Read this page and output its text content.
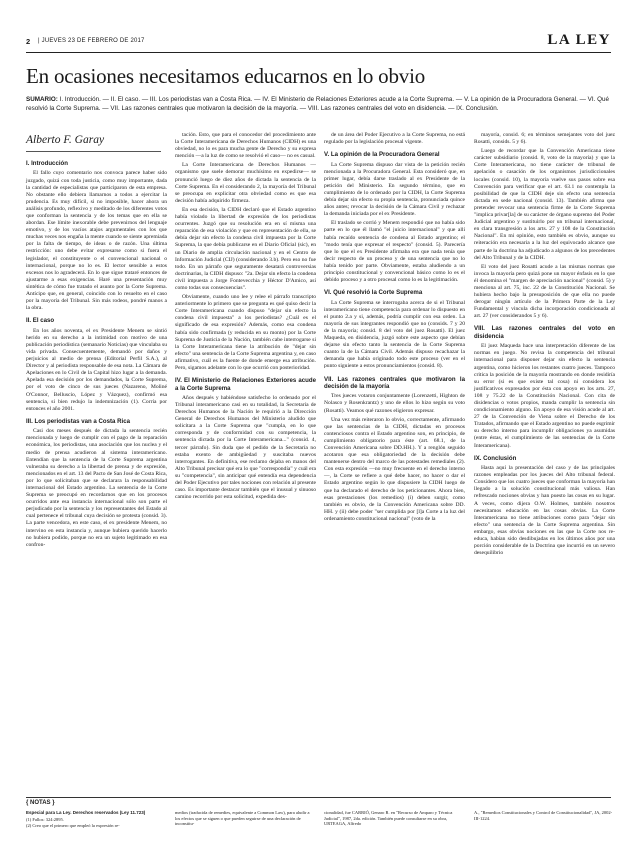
2 | JUEVES 23 DE FEBRERO DE 2017	LA LEY
En ocasiones necesitamos educarnos en lo obvio
SUMARIO: I. Introducción. — II. El caso. — III. Los periodistas van a Costa Rica. — IV. El Ministerio de Relaciones Exteriores acude a la Corte Suprema. — V. La opinión de la Procuradora General. — VI. Qué resolvió la Corte Suprema. — VII. Las razones centrales que motivaron la decisión de la mayoría. — VIII. Las razones centrales del voto en disidencia. — IX. Conclusión.
Alberto F. Garay
I. Introducción

El fallo cuyo comentario nos convoca parece haber sido juzgado, quizá con toda justicia, como muy importante, dada la cantidad de especialistas que participaron de esta empresa. No obstante ello debiera llamarnos a todos a ejercitar la prudencia. Es muy difícil, si no imposible, hacer ahora un análisis profundo, reflexivo y meditado de los diferentes votos que conforman la sentencia y de los temas que en ella se abordan. Ese límite inexorable debe prevenirnos del lenguaje emotivo, y de los vacíos atajos argumentales con los que muchas veces nos engaña la mente cuando se siente apremiada por la falta de tiempo, de ideas o de razón. Una última restricción: uno debe evitar expresarse como si fuera el legislador, el constituyente o el convencional nacional o internacional, porque no lo es. El lector sensible a estos excesos nos lo agradecerá. En lo que sigue trataré entonces de ajustarme a esas exigencias. Haré una presentación muy sintética de cómo fue tratado el asunto por la Corte Suprema. Antícipo que, en general, coincido con lo resuelto en el caso por la mayoría del Tribunal. Sin más rodeos, pondré manos a la obra.

II. El caso

En los años noventa, el ex Presidente Menem se sintió herido en su derecho a la intimidad con motivo de una publicación periodística (semanario Noticias) que vinculaba su vida privada. Consecuentemente, demandó por daños y perjuicios al medio de prensa (Editorial Perfil S.A.), al Director y al periodista responsable de esa nota. La Cámara de Apelaciones en lo Civil de la Capital hizo lugar a la demanda. Apelada esa decisión por los demandados, la Corte Suprema, por el voto de cinco de sus jueces (Nazareno, Moliné O'Connor, Belluscio, López y Vázquez), confirmó esa sentencia, si bien redujo la indemnización (1). Corría por entonces el año 2001.

III. Los periodistas van a Costa Rica

Casi dos meses después de dictada la sentencia recién mencionada y luego de cumplir con el pago de la reparación económica, los periodistas, una asociación que los nuclea y el medio de prensa acudieron al sistema interamericano. Entendían que la sentencia de la Corte Suprema argentina vulneraba su derecho a la libertad de prensa y de expresión, mencionados en el art. 13 del Pacto de San José de Costa Rica, por lo que solicitaban que se declarara la responsabilidad internacional del Estado argentino. La sentencia de la Corte Suprema se preocupó en recordarnos que en los procesos ocurridos ante esa instancia internacional sólo son parte el perjudicado por la sentencia y los representantes del Estado al cual pertenece el tribunal cuya decisión se protesta (consid. 3). La parte vencedora, en este caso, el ex presidente Menem, no intervino en esta instancia y, aunque hubiera querido hacerlo no hubiera podido, porque no era un sujeto legitimado en esa confron-

tación. Esto, que para el conocedor del procedimiento ante la Corte Interamericana de Derechos Humanos (CIDH) es una obviedad, no lo es para mucha gente de Derecho y su expresa mención —a la luz de como se resolvió el caso— no es casual.

La Corte Interamericana de Derechos Humanos —organismo que suele demorar muchísimo en expedirse— se pronunció luego de diez años de dictada la sentencia de la Corte Suprema. En el considerando 2, la mayoría del Tribunal se preocupa en explicitar otra obviedad como es que esa decisión había adquirido firmeza.

En esa decisión, la CIDH declaró que el Estado argentino había violado la libertad de expresión de los periodistas ocurrentes. Juzgó que su resolución era en sí misma una reparación de esa violación y que en representación de ella, se debía dejar sin efecto la condena civil impuesta por la Corte Suprema, la que debía publicarse en el Diario Oficial (sic), en un Diario de amplia circulación nacional y en el Centro de Información Judicial (CIJ) (considerando 3.b). Pero eso no fue todo. En un párrafo que seguramente desatará controversias doctrinarias, la CIDH dispuso: "2a. Dejar sin efecto la condena civil impuesta a Jorge Fontevecchia y Héctor D'Amico, así como todas sus consecuencias".

Obviamente, cuando uno lee y relee el párrafo transcripto anteriormente lo primero que se pregunta es qué quiso decir la Corte Interamericana cuando dispuso "dejar sin efecto la condena civil impuesta" a los periodistas? ¿Cuál es el significado de esa expresión? Además, como esa condena había sido confirmada (y reducida en su monto) por la Corte Suprema de Justicia de la Nación, también cabe interrogarse si la Corte Interamericana tiene la atribución de "dejar sin efecto" una sentencia de la Corte Suprema argentina y, en caso afirmativo, cuál es la fuente de donde emerge esa atribución. Pero, sigamos adelante con lo que ocurrió con posterioridad.

IV. El Ministerio de Relaciones Exteriores acude a la Corte Suprema

Años después y habiéndose satisfecho lo ordenado por el Tribunal interamericano casi en su totalidad, la Secretaría de Derechos Humanos de la Nación le requirió a la Dirección General de Derechos Humanos del Ministerio aludido que solicitara a la Corte Suprema que "cumpla, en lo que corresponda y de conformidad con su competencia, la sentencia dictada por la Corte Interamericana..." (consid. 4, tercer párrafo). Sin duda que el pedido de la Secretaría no estaba exento de ambigüedad y suscitaba nuevos interrogantes. En definitiva, ese reclamo dejaba en manos del Alto Tribunal precisar qué era lo que "correspondía" y cuál era su "competencia", sin anticipar qué entendía esa dependencia del Poder Ejecutivo por tales nociones con relación al presente caso. Es importante destacar también que el inusual y sinuoso camino recorrido por esta solicitud, expedida des-

de un área del Poder Ejecutivo a la Corte Suprema, no está regulado por la legislación procesal vigente.

V. La opinión de la Procuradora General

La Corte Suprema dispuso dar vista de la petición recién mencionada a la Procuradora General. Esta consideró que, en primer lugar, debía darse traslado al ex Presidente de la petición del Ministerio. En segundo término, que en cumplimiento de lo ordenado por la CIDH, la Corte Suprema debía dejar sin efecto su propia sentencia, pronunciada quince años antes; revocar la decisión de la Cámara Civil y rechazar la demanda iniciada por el ex Presidente.

El traslado se corrió y Menem respondió que no había sido parte en lo que él llamó "el juicio internacional" y que allí había recaído sentencia de condena al Estado argentino; el "modo tenía que expresar el respecto" (consid. 5). Parecería que lo que el ex Presidente afirmaba era que nada tenía que decir respecto de un proceso y de una sentencia que no lo había tenido por parte. Obviamente, estaba aludiendo a un principio constitucional y convencional básico como lo es el debido proceso y a otro procesal como lo es la legitimación.

VI. Qué resolvió la Corte Suprema

La Corte Suprema se interrogaba acerca de si el Tribunal interamericano tiene competencia para ordenar lo dispuesto en el punto 2.a y si, además, podría cumplir con esa orden. La mayoría de sus integrantes respondió que no (consids. 7 y 20 de la mayoría; consid. 8 del voto del juez Rosatti). El juez Maqueda, en disidencia, juzgó sobre este aspecto que debían dejarse sin efecto tanto la sentencia de la Corte Suprema cuanto la de la Cámara Civil. Además dispuso recachazar la demanda que había originado todo este proceso (ver en el punto siguiente a estos pronunciamientos (consid. 8).

VII. Las razones centrales que motivaron la decisión de la mayoría

Tres jueces votaron conjuntamente (Lorenzetti, Highton de Nolasco y Rosenkrantz) y uno de ellos lo hizo según su voto (Rosatti). Veamos qué razones eligieron expresar.

Una vez más reiteraron lo obvio, correctamente, afirmando que las sentencias de la CIDH, dictadas en procesos contenciosos contra el Estado argentino son, en principio, de cumplimiento obligatorio para éste (art. 68.1, de la Convención Americana sobre DD.HH.). Y a renglón seguido acotaron que esa obligatoriedad de la decisión debe mantenerse dentro del marco de las potestades remediales (2). Con esta expresión —no muy frecuente en el derecho interno—, la Corte se refiere a qué debe hacer, no hacer o dar el Estado argentino según lo que dispusiere la CIDH luego de que ha declarado el derecho de los peticionantes. Ahora bien, esas prestaciones (los remedios) (i) deben surgir, como también es obvio, de la Convención Americana sobre DD. HH. y (ii) debe poder "ser cumplida por [l]a Corte a la luz del ordenamiento constitucional nacional" (voto de la

mayoría, consid. 6; en términos semejantes voto del juez Rosatti, consids. 5 y 6).

Luego de recordar que la Convención Americana tiene carácter subsidiario (consid. 8, voto de la mayoría) y que la Corte Interamericana, no tiene carácter de tribunal de apelación o casación de los organismos jurisdiccionales locales (consid. 10), la mayoría vuelve sus pasos sobre esa Convención para verificar que el art. 63.1 no contempla la posibilidad de que la CIDH deje sin efecto una sentencia dictada en sede nacional (consid. 13). También afirma que pretender revocar una sentencia firme de la Corte Suprema "implica privar[la] de su carácter de órgano supremo del Poder Judicial argentino y sustituirlo por un tribunal internacional, en clara transgresión a los arts. 27 y 108 de la Constitución Nacional". En mi opinión, esto también es obvio, aunque su reiteración era necesaria a la luz del equivocado alcance que parte de la doctrina ha adjudicado a algunos de los precedentes del Alto Tribunal y de la CIDH.

El voto del juez Rosatti acude a las mismas normas que invoca la mayoría pero quizá pone un mayor énfasis en lo que él denomina el "margen de apreciación nacional" (consid. 5) y menciona al art. 75, inc. 22 de la Constitución Nacional. Se hubiera hecho bajo la presuposición de que ella no puede derogar ningún artículo de la Primera Parte de la Ley Fundamental y vincula dicha incorporación condicionada al art. 27 (ver considerandos 5 y 6).

VIII. Las razones centrales del voto en disidencia

El juez Maqueda hace una interpretación diferente de las normas en juego. No revisa la competencia del tribunal internacional para disponer dejar sin efecto la sentencia argentina, como hicieron los restantes cuatro jueces. Tampoco critica la posición de la mayoría mostrando en donde residiría su error (si es que existe tal cosa) ni considera los justificativos expresados por ésta con apoyo en los arts. 27, 108 y 75.22 de la Constitución Nacional. Con cita de disidencias o votos propios, manda cumplir la sentencia sin condicionamiento alguno. En apoyo de esa visión acude al art. 27 de la Convención de Viena sobre el Derecho de los Tratados, afirmando que el Estado argentino no puede esgrimir su derecho interno para incumplir obligaciones ya asumidas (entre éstas, el cumplimiento de las sentencias de la Corte Interamericana).

IX. Conclusión

Hasta aquí la presentación del caso y de las principales razones empleadas por los jueces del Alto tribunal federal. Considero que los cuatro jueces que conforman la mayoría han llegado a la solución constitucional más valiosa. Han refrescado nociones obvias y han puesto las cosas en su lugar. A veces, como dijera O.W. Holmes, también nosotros necesitamos educación en las cosas obvias. La Corte Interamericana no tiene atribuciones como para "dejar sin efecto" una sentencia de la Corte Suprema argentina. Sin embargo, esas obvias nociones en las que la Corte nos re-educa, habían sido desdibujadas en los últimos años por una porción considerable de la Doctrina que incurrió en un severo desequilibrio

{ NOTAS }

Especial para La Ley. Derechos reservados (Ley 11.723)

(1) Fallos: 324:2895.

(2) Creo que el primero que empleó la expresión re-

medios (traducida de remedies, equivalente a Common Law), para aludir a los efectos que se siguen o que pueden seguirse de una declaración de inconstitu-

cionalidad, fue CARRIÓ, Genaro R. en "Recurso de Amparo y Técnica Judicial", 1987, 2da. edición. También puede consultarse en su obra, URTEAGA, Alfredo

A., "Remedios Constitucionales y Control de Constitucionalidad", JA, 2002-III-1224.
